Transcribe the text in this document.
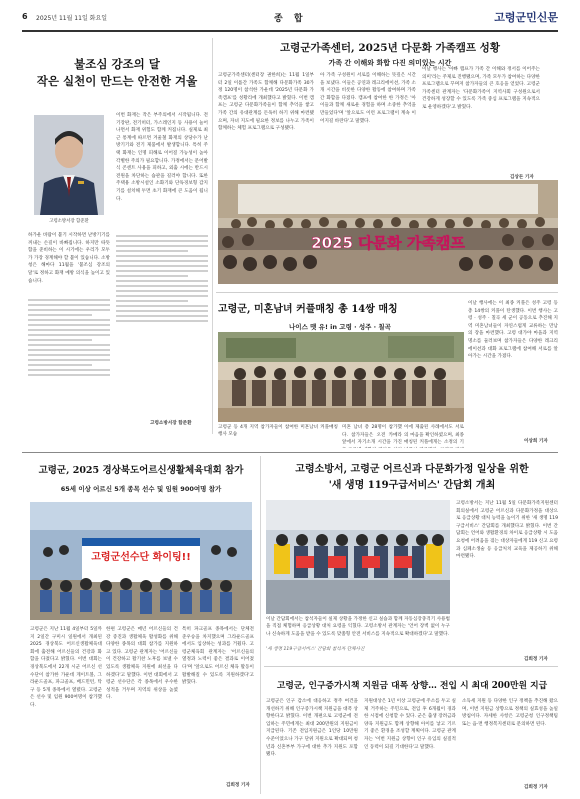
6 2025년 11월 11일 화요일	종 합	고령군민신문
불조심 강조의 달
작은 실천이 만드는 안전한 겨울
고령소방서장 함준환
이번 화재는 작은 부주의에서 시작됩니다. 전기장판, 전기히터, 가스레인지 등 사용이 늘어나면서 화재 위험도 함께 커집니다. 실제로 최근 통계에 따르면 겨울철 화재의 상당수가 난방기기와 전기 제품에서 발생합니다. 특히 주택 화재는 인명 피해로 이어질 가능성이 높아 각별한 주의가 필요합니다. 가정에서는 문어발식 콘센트 사용을 피하고, 외출 시에는 반드시 전원을 차단하는 습관을 길러야 합니다. 또한 주택용 소방시설인 소화기와 단독경보형 감지기를 설치해 두면 초기 화재에 큰 도움이 됩니다.
하가운 바람이 불기 시작하면 난방기기를 꺼내는 손길이 바빠집니다. 하지만 따뜻함을 준비하는 이 시기에는 우리가 모두가 가장 경계해야 할 불이 있습니다. 소방청은 해마다 11월을 '불조심 강조의 달'로 정하고 화재 예방 의식을 높이고 있습니다.
고령소방서장 함준환
고령군가족센터, 2025년 다문화 가족캠프 성황
가족 간 이해와 화합 다진 의미있는 시간
고령군가족센터(센터장 권한희)는 11월 1일부터 2일 이틀간 가족도 함께해 다문화가족 30가정 120명이 참석한 가운데 '2025년 다문화 가족캠프'를 성황리에 개최했다고 밝혔다. 이번 캠프는 고령군 다문화가족들이 함께 추억을 쌓고 가족 간의 유대관계를 돈독히 하기 위해 마련됐으며, 자녀 지도에 필요한 정보를 나누고 가족이 함께하는 체험 프로그램으로 구성됐다.
아 가족 구성원이 서로를 이해하는 뜻깊은 시간을 보냈다. 이들은 공연과 레크리에이션, 가족 소개 시간을 비롯한 다양한 활동에 참여하며 가족 간 화합을 다졌다. 캠프에 참여한 한 가정은 '아이들과 함께 새로운 경험을 하며 소중한 추억을 만들었다'며 '앞으로도 이런 프로그램이 계속 이어지길 바란다'고 말했다.
이날 행사는 '아빠 랩프가 가족 간 이해와 정서를 이어주는 의미'라는 주제로 진행됐으며, 가족 모두가 참여하는 다양한 프로그램으로 꾸며져 참가자들의 큰 호응을 얻었다. 고령군가족센터 관계자는 '다문화가족이 지역사회 구성원으로서 건강하게 성장할 수 있도록 가족 중심 프로그램을 지속적으로 운영하겠다'고 밝혔다.
김상돈 기자
2025 다문화 가족캠프
고령군, 미혼남녀 커플매칭 총 14쌍 매칭
나이스 맷 유! in 고령 · 성주 · 칠곡
고령군 등 4개 지역 참가자들이 참여한 미혼남녀 커플매칭 행사 모습
이날 행사에는 이 최종 커플은 성주 고령 등 총 14쌍의 커플이 탄생했다. 이번 행사는 고령 · 성주 · 칠곡 세 군이 공동으로 추진해 지역 미혼남녀들이 자연스럽게 교류하는 만남의 장을 마련했다. 고령 대가야 마을과 지역 명소를 둘러보며 참가자들은 다양한 레크리에이션과 대화 프로그램에 참여해 서로를 알아가는 시간을 가졌다.
미혼 남녀 총 28명이 참가했다. 참가자들은 오전 카메라 앞에서 자기소개 시간을 가진
이에 제출된 사례에서도 서로의 마음을 확인하였으며, 최종 매칭된 커플에게는 소정의 기	이상희 기자
고령군, 2025 경상북도어르신생활체육대회 참가
65세 이상 어르신 5개 종목 선수 및 임원 900여명 참가
고령군선수단 화이팅!!
고령군은 지난 11월 4일부터 5일까지 2일간 구미시 일원에서 개최된 2025 경상북도 어르신생활체육대회에 출전해 어르신들의 건강과 화합을 다졌다고 밝혔다. 이번 대회는 경상북도에서 22개 시군 어르신 선수단이 참가한 가운데 게이트볼, 그라운드골프, 파크골프, 배드민턴, 탁구 등 5개 종목에서 열렸다. 고령군은 선수 및 임원 900여명이 참가했다.
한편 고령군은 매년 어르신들의 건강 증진과 생활체육 활성화를 위해 다양한 종목의 대회 참가를 지원하고 있다. 고령군 관계자는 '어르신들이 건강하고 활기찬 노후를 보낼 수 있도록 생활체육 지원에 최선을 다하겠다'고 말했다. 이번 대회에서 고령군 선수단은 각 종목에서 우수한 성적을 거두며 지역의 위상을 높였다.
특히 파크골프 종목에서는 단체전 준우승을 차지했으며 그라운드골프에서도 입상하는 성과를 거뒀다. 고령군체육회 관계자는 '어르신들의 열정과 노력이 좋은 결과로 이어졌다'며 '앞으로도 어르신 체육 활동이 활발해질 수 있도록 지원하겠다'고 밝혔다.
김희정 기자
고령소방서, 고령군 어르신과 다문화가정 일상을 위한
'새 생명 119구급서비스' 간담회 개최
고령소방서는 지난 11월 5일 다문화가족지원센터 회의실에서 고령군 어르신과 다문화가정을 대상으로 응급상황 대처 능력을 높이기 위한 '새 생명 119구급서비스' 간담회를 개최했다고 밝혔다. 이번 간담회는 언어와 생활환경의 차이로 응급상황 시 도움 요청에 어려움을 겪는 대상자들에게 119 신고 요령과 심폐소생술 등 응급처치 교육을 제공하기 위해 마련됐다.
이날 간담회에서는 참석자들이 실제 상황을 가정한 신고 실습과 함께 자동심장충격기 사용법을 직접 체험하며 응급상황 대처 요령을 익혔다. 고령소방서 관계자는 '언어 장벽 없이 누구나 신속하게 도움을 받을 수 있도록 맞춤형 안전 서비스를 지속적으로 확대하겠다'고 말했다.
'새 생명 119구급서비스' 간담회 참석자 단체사진
김희정 기자
고령군, 인구증가시책 지원금 대폭 상향… 전입 시 최대 200만원 지급
고령군은 인구 감소에 대응하고 정주 여건을 개선하기 위해 인구증가시책 지원금을 대폭 상향한다고 밝혔다. 이번 개편으로 고령군에 전입하는 주민에게는 최대 200만원의 지원금이 지급된다. 기존 전입지원금은 1인당 10만원 수준이었으나 가구 단위 지원으로 확대되며 청년과 신혼부부 가구에 대한 추가 지원도 포함됐다.
지원대상은 1년 이상 고령군에 주소를 두고 실제 거주하는 주민으로, 전입 후 6개월이 경과한 시점에 신청할 수 있다. 군은 출생 장려금과 양육 지원금도 함께 상향해 아이를 낳고 기르기 좋은 환경을 조성할 계획이다. 고령군 관계자는 '이번 지원금 상향이 인구 유입의 실질적인 동력이 되길 기대한다'고 말했다.
소득세 지원 등 다양한 인구 정책을 추진해 왔으며, 이번 지원금 상향으로 정책의 실효성을 높일 방침이다. 자세한 사항은 고령군청 인구정책팀 또는 읍·면 행정복지센터로 문의하면 된다.
김희정 기자
